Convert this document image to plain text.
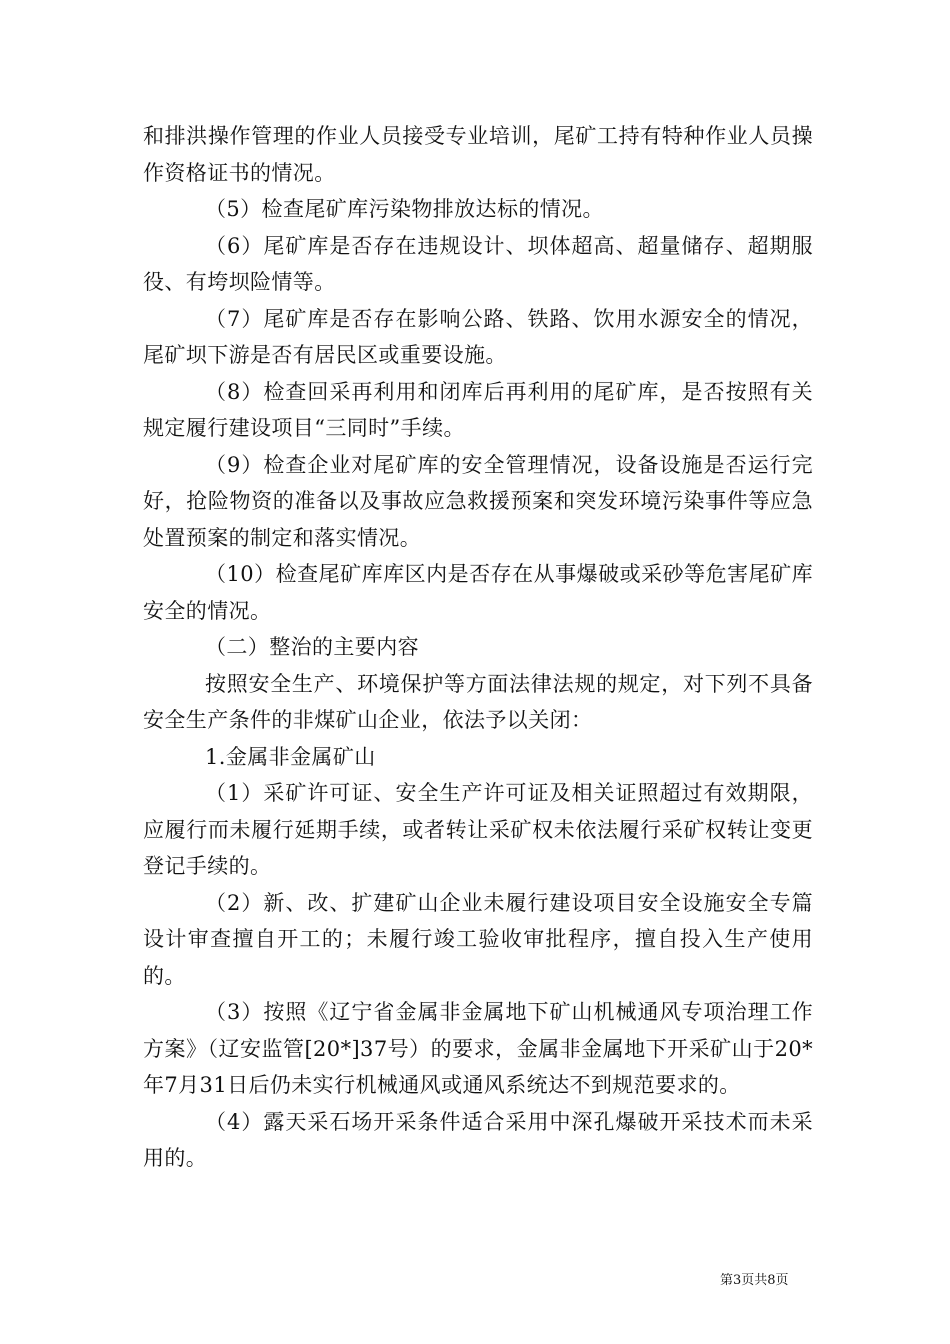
和排洪操作管理的作业人员接受专业培训，尾矿工持有特种作业人员操作资格证书的情况。

（5）检查尾矿库污染物排放达标的情况。

（6）尾矿库是否存在违规设计、坝体超高、超量储存、超期服役、有垮坝险情等。

（7）尾矿库是否存在影响公路、铁路、饮用水源安全的情况，尾矿坝下游是否有居民区或重要设施。

（8）检查回采再利用和闭库后再利用的尾矿库，是否按照有关规定履行建设项目“三同时”手续。

（9）检查企业对尾矿库的安全管理情况，设备设施是否运行完好，抢险物资的准备以及事故应急救援预案和突发环境污染事件等应急处置预案的制定和落实情况。

（10）检查尾矿库库区内是否存在从事爆破或采砂等危害尾矿库安全的情况。

（二）整治的主要内容

按照安全生产、环境保护等方面法律法规的规定，对下列不具备安全生产条件的非煤矿山企业，依法予以关闭：

1.金属非金属矿山

（1）采矿许可证、安全生产许可证及相关证照超过有效期限，应履行而未履行延期手续，或者转让采矿权未依法履行采矿权转让变更登记手续的。

（2）新、改、扩建矿山企业未履行建设项目安全设施安全专篇设计审查擅自开工的；未履行竣工验收审批程序，擅自投入生产使用的。

（3）按照《辽宁省金属非金属地下矿山机械通风专项治理工作方案》（辽安监管[20*]37号）的要求，金属非金属地下开采矿山于20*年7月31日后仍未实行机械通风或通风系统达不到规范要求的。

（4）露天采石场开采条件适合采用中深孔爆破开采技术而未采用的。

第3页共8页
